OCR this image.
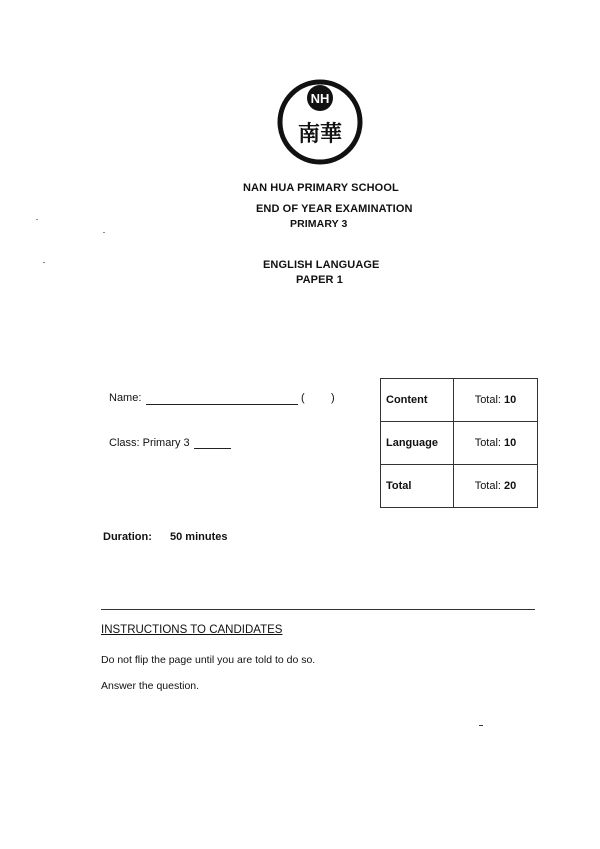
NH
南華
NAN HUA PRIMARY SCHOOL
END OF YEAR EXAMINATION
PRIMARY 3
ENGLISH LANGUAGE
PAPER 1
Name:	( )
Class: Primary 3
Content	Total: 10
Language	Total: 10
Total	Total: 20
Duration: 50 minutes
INSTRUCTIONS TO CANDIDATES
Do not flip the page until you are told to do so.
Answer the question.
